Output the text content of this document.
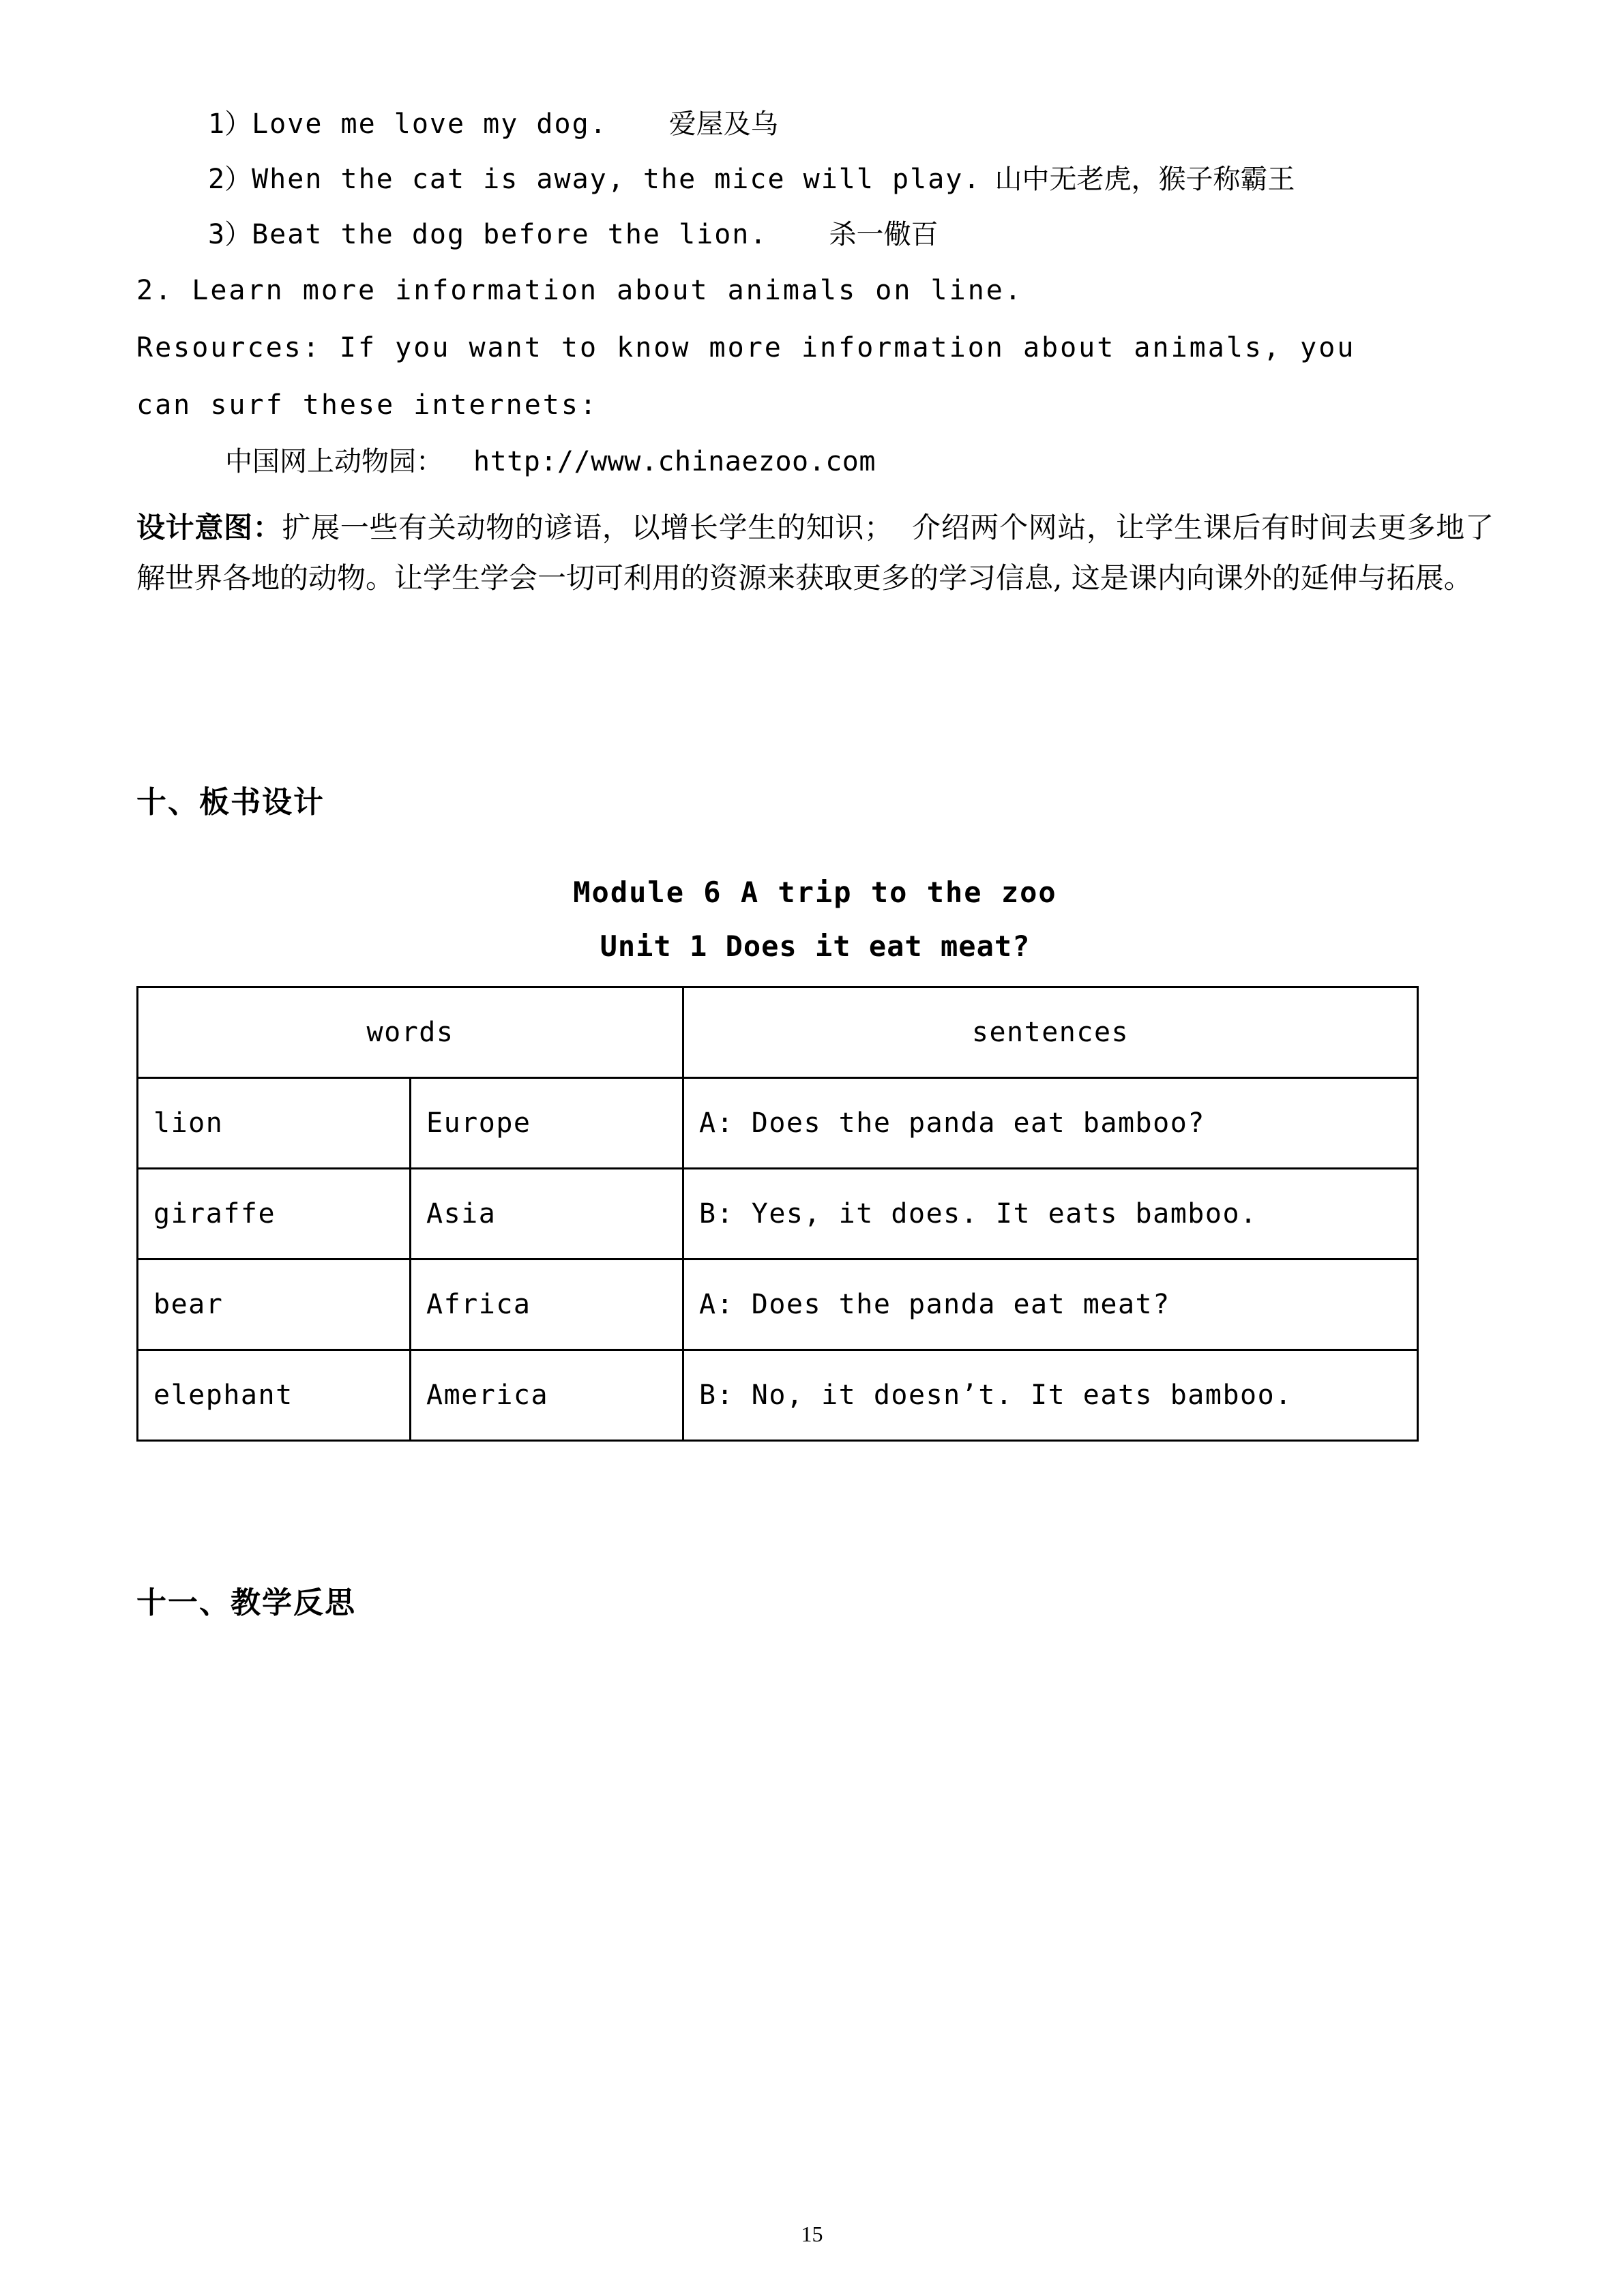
1） Love me love my dog.	爱屋及乌
2） When the cat is away, the mice will play. 山中无老虎，猴子称霸王
3） Beat the dog before the lion.	杀一儆百

2. Learn more information about animals on line.

Resources: If you want to know more information about animals, you

can surf these internets:

中国网上动物园： http://www.chinaezoo.com

设计意图：扩展一些有关动物的谚语，以增长学生的知识；  介绍两个网站，让学生课后有时间去更多地了解世界各地的动物。让学生学会一切可利用的资源来获取更多的学习信息, 这是课内向课外的延伸与拓展。

十、板书设计

Module 6 A trip to the zoo

Unit 1 Does it eat meat?

words		sentences
lion	Europe	A: Does the panda eat bamboo?
giraffe	Asia	B: Yes, it does. It eats bamboo.
bear	Africa	A: Does the panda eat meat?
elephant	America	B: No, it doesn’t. It eats bamboo.

十一、教学反思

15
